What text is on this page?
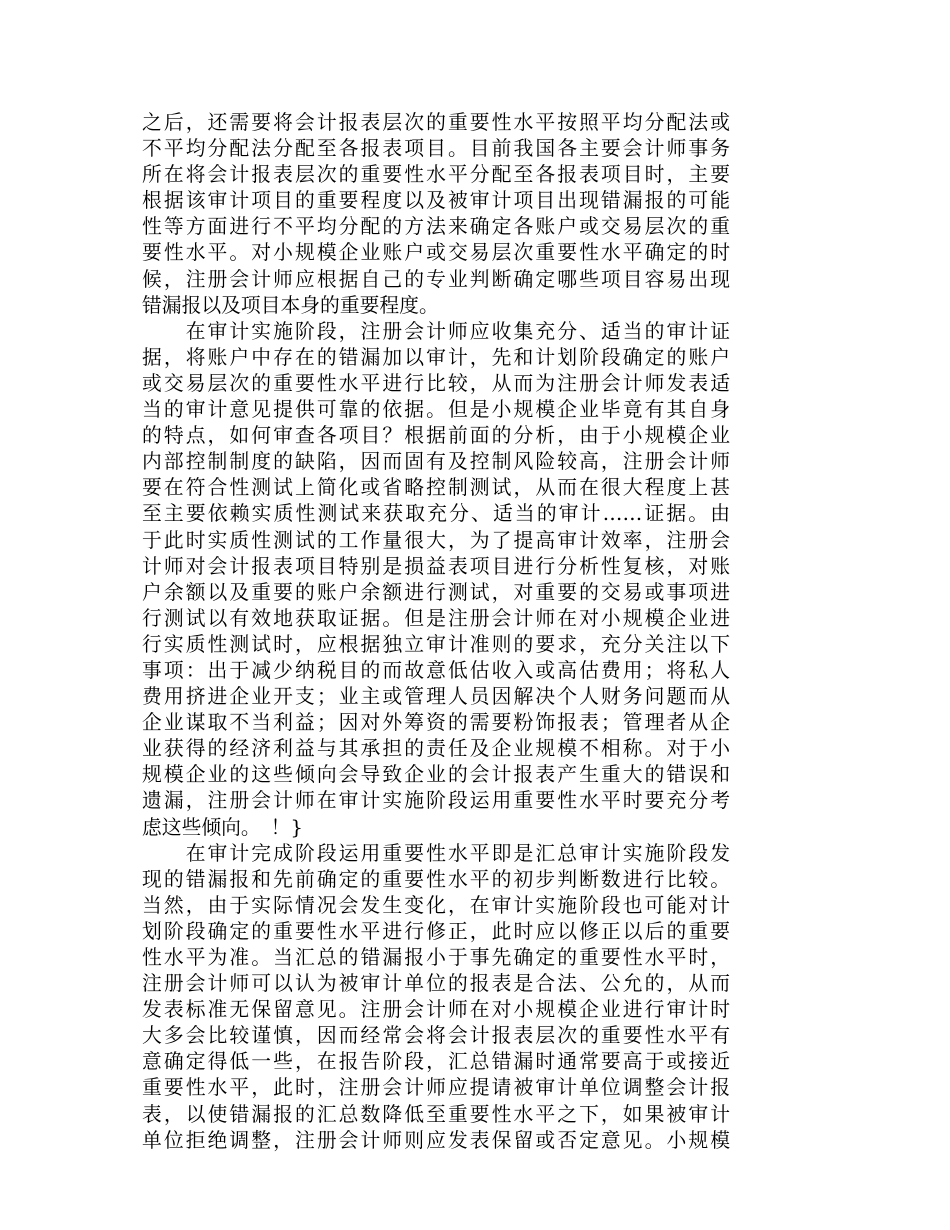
之后，还需要将会计报表层次的重要性水平按照平均分配法或
不平均分配法分配至各报表项目。目前我国各主要会计师事务
所在将会计报表层次的重要性水平分配至各报表项目时，主要
根据该审计项目的重要程度以及被审计项目出现错漏报的可能
性等方面进行不平均分配的方法来确定各账户或交易层次的重
要性水平。对小规模企业账户或交易层次重要性水平确定的时
候，注册会计师应根据自己的专业判断确定哪些项目容易出现
错漏报以及项目本身的重要程度。
　　在审计实施阶段，注册会计师应收集充分、适当的审计证
据，将账户中存在的错漏加以审计，先和计划阶段确定的账户
或交易层次的重要性水平进行比较，从而为注册会计师发表适
当的审计意见提供可靠的依据。但是小规模企业毕竟有其自身
的特点，如何审查各项目？根据前面的分析，由于小规模企业
内部控制制度的缺陷，因而固有及控制风险较高，注册会计师
要在符合性测试上简化或省略控制测试，从而在很大程度上甚
至主要依赖实质性测试来获取充分、适当的审计……证据。由
于此时实质性测试的工作量很大，为了提高审计效率，注册会
计师对会计报表项目特别是损益表项目进行分析性复核，对账
户余额以及重要的账户余额进行测试，对重要的交易或事项进
行测试以有效地获取证据。但是注册会计师在对小规模企业进
行实质性测试时，应根据独立审计准则的要求，充分关注以下
事项：出于减少纳税目的而故意低估收入或高估费用；将私人
费用挤进企业开支；业主或管理人员因解决个人财务问题而从
企业谋取不当利益；因对外筹资的需要粉饰报表；管理者从企
业获得的经济利益与其承担的责任及企业规模不相称。对于小
规模企业的这些倾向会导致企业的会计报表产生重大的错误和
遗漏，注册会计师在审计实施阶段运用重要性水平时要充分考
虑这些倾向。　！}
　　在审计完成阶段运用重要性水平即是汇总审计实施阶段发
现的错漏报和先前确定的重要性水平的初步判断数进行比较。
当然，由于实际情况会发生变化，在审计实施阶段也可能对计
划阶段确定的重要性水平进行修正，此时应以修正以后的重要
性水平为准。当汇总的错漏报小于事先确定的重要性水平时，
注册会计师可以认为被审计单位的报表是合法、公允的，从而
发表标准无保留意见。注册会计师在对小规模企业进行审计时
大多会比较谨慎，因而经常会将会计报表层次的重要性水平有
意确定得低一些，在报告阶段，汇总错漏时通常要高于或接近
重要性水平，此时，注册会计师应提请被审计单位调整会计报
表，以使错漏报的汇总数降低至重要性水平之下，如果被审计
单位拒绝调整，注册会计师则应发表保留或否定意见。小规模
